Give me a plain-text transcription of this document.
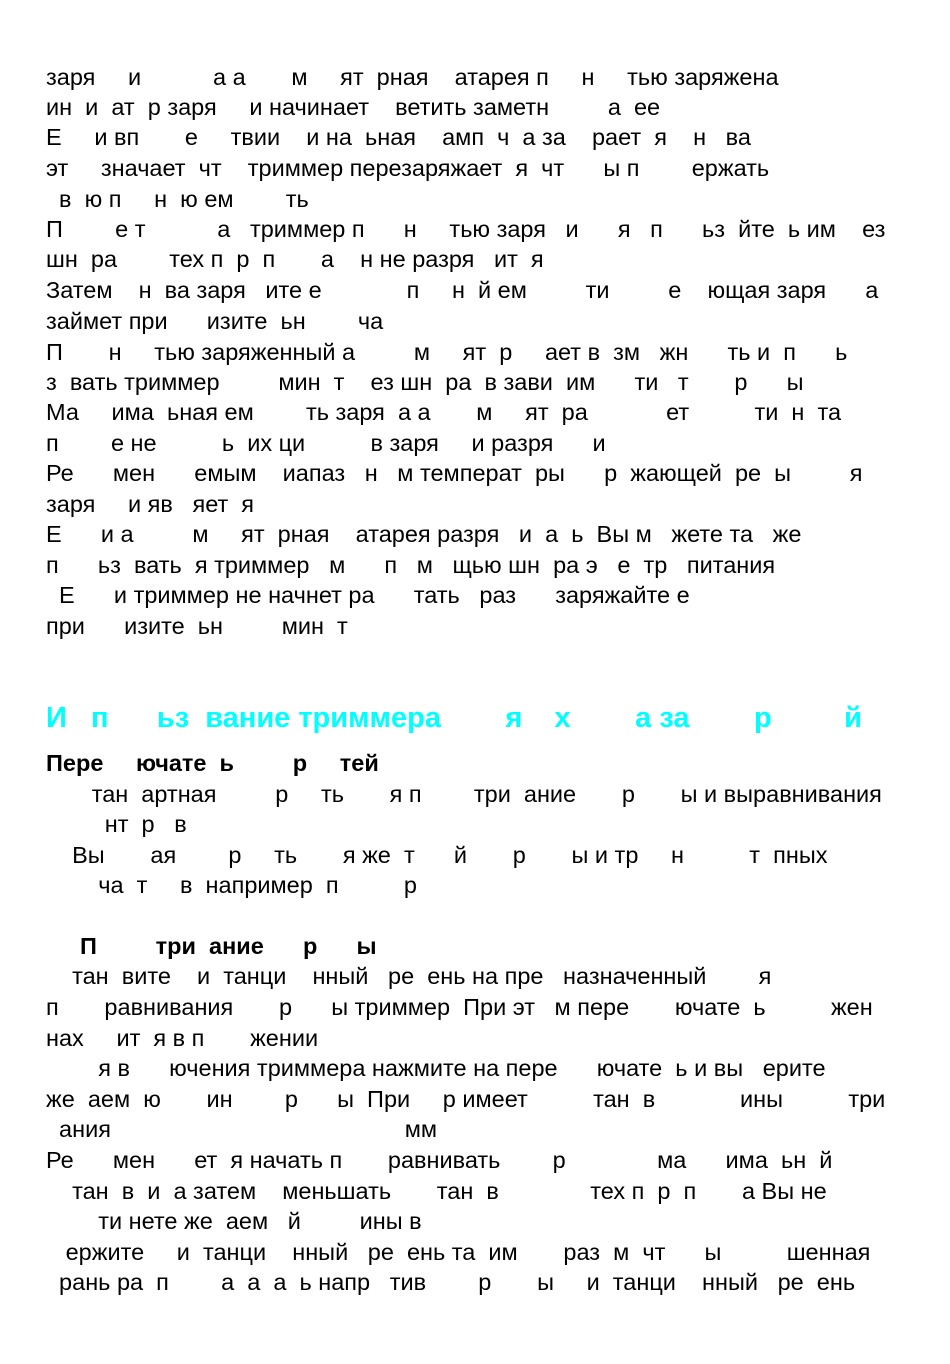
заря     и           а а       м     ят  рная    атарея п     н     тью заряжена
ин  и  ат  р заря     и начинает    ветить заметн         а  ее
Е     и вп       е     твии    и на  ьная    амп  ч  а за    рает  я    н   ва
эт     значает  чт    триммер перезаряжает  я  чт      ы п        ержать
в  ю п     н  ю ем        ть
П        е т           а   триммер п      н     тью заря   и      я   п      ьз  йте  ь им    ез
шн  ра        тех п  р  п       а    н не разря   ит  я
Затем    н  ва заря   ите е             п     н  й ем         ти         е    ющая заря      а
займет при      изите  ьн        ча
П       н     тью заряженный а         м     ят  р     ает в  зм   жн      ть и  п      ь
з  вать триммер         мин  т    ез шн  ра  в зави  им      ти   т       р      ы
Ма     има  ьная ем        ть заря  а а       м     ят  ра            ет          ти  н  та
п        е не          ь  их ци          в заря     и разря      и
Ре      мен      емым    иапаз   н   м температ  ры      р  жающей  ре  ы         я
заря     и яв   яет  я
Е      и а         м     ят  рная    атарея разря   и  а  ь  Вы м   жете та   же
п      ьз  вать  я триммер   м      п   м   щью шн  ра э   е  тр   питания
Е      и триммер не начнет ра      тать   раз      заряжайте е
при      изите  ьн         мин  т
И   п      ьз  вание триммера        я    х        а за        р         й
Пере     ючате  ь         р     тей
тан  артная         р     ть       я п        три  ание       р       ы и выравнивания
нт  р   в
Вы       ая        р     ть       я же  т      й       р       ы и тр     н          т  пных
ча  т     в  например  п          р
П         три  ание      р      ы
тан  вите    и  танци    нный   ре  ень на пре   назначенный        я
п       равнивания       р      ы триммер  При эт   м пере       ючате  ь          жен
нах     ит  я в п       жении
я в      ючения триммера нажмите на пере      ючате  ь и вы   ерите
же  аем  ю       ин        р      ы  При     р имеет          тан  в             ины          три
ания                                             мм
Ре      мен      ет  я начать п       равнивать        р              ма      има  ьн  й
тан  в  и  а затем    меньшать       тан  в              тех п  р  п       а Вы не
ти нете же  аем   й         ины в
ержите     и  танци    нный   ре  ень та  им       раз  м  чт      ы          шенная
рань ра  п        а  а  а  ь напр   тив        р       ы     и  танци    нный   ре  ень
